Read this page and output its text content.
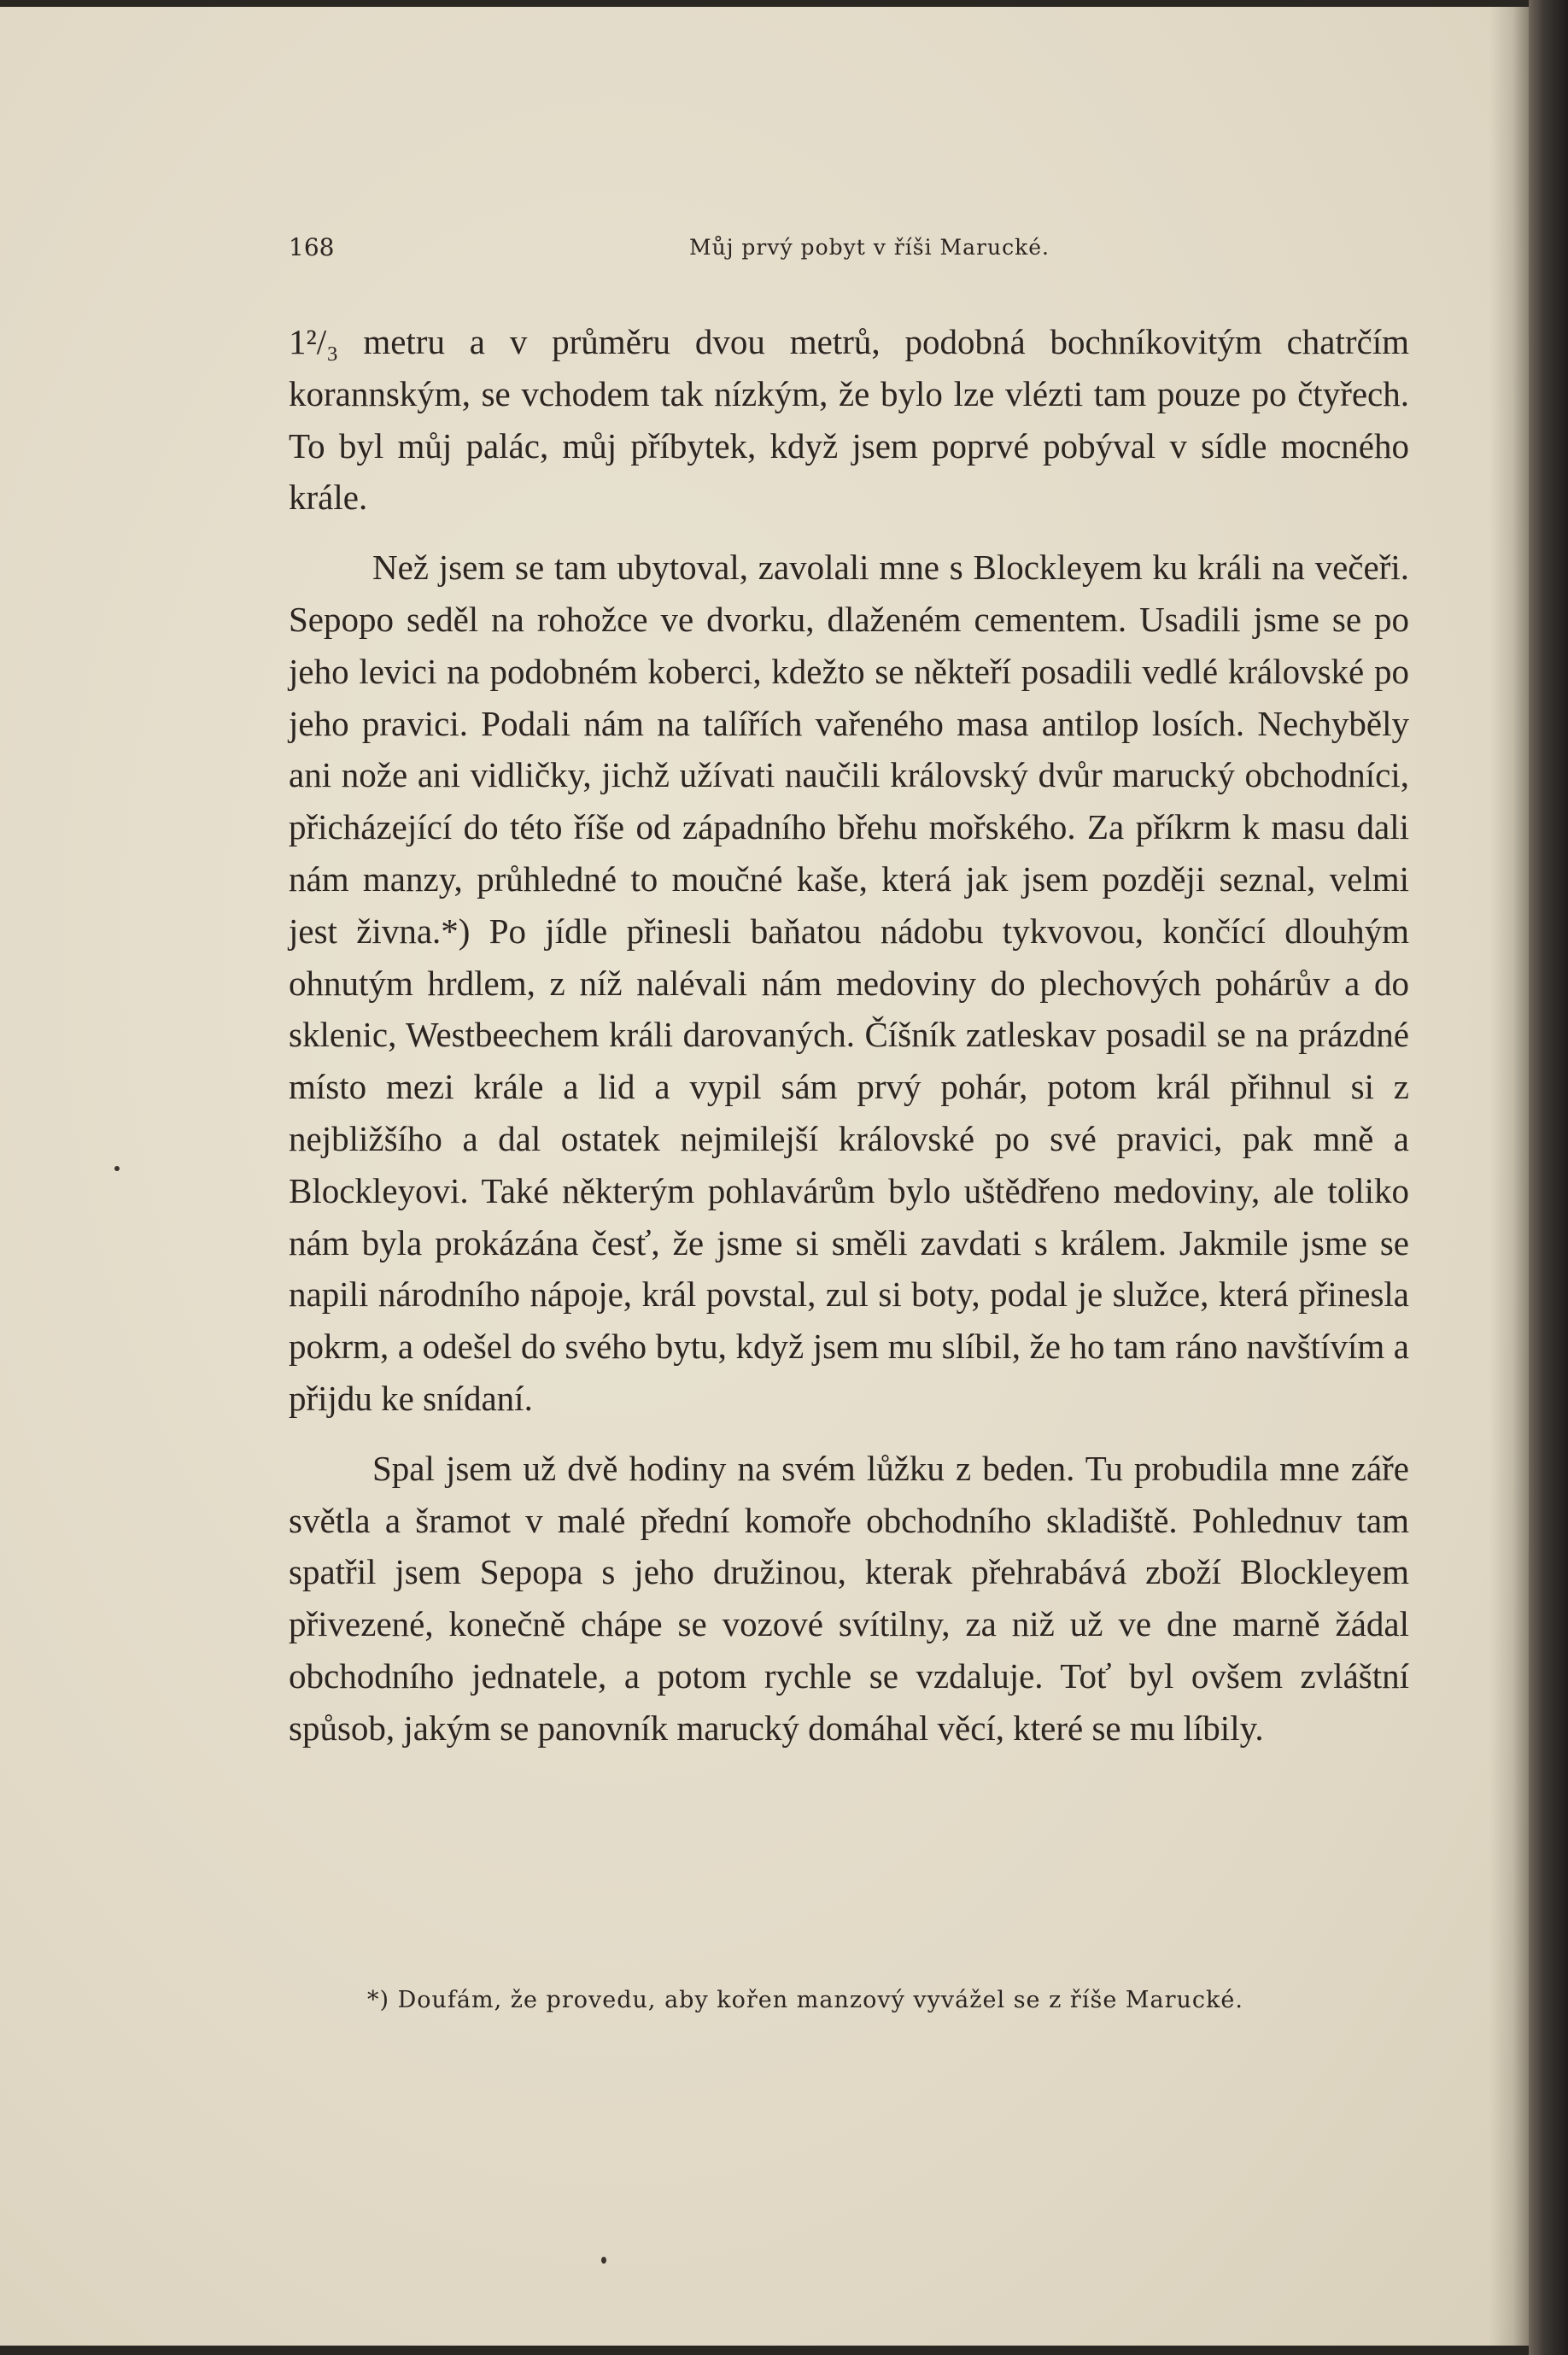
168	Můj prvý pobyt v říši Marucké.

1²/₃ metru a v průměru dvou metrů, podobná bochníkovitým chatrčím korannským, se vchodem tak nízkým, že bylo lze vlézti tam pouze po čtyřech. To byl můj palác, můj příbytek, když jsem poprvé pobýval v sídle mocného krále.

Než jsem se tam ubytoval, zavolali mne s Blockleyem ku králi na večeři. Sepopo seděl na rohožce ve dvorku, dlaženém cementem. Usadili jsme se po jeho levici na podobném koberci, kdežto se někteří posadili vedlé královské po jeho pravici. Podali nám na talířích vařeného masa antilop losích. Nechyběly ani nože ani vidličky, jichž užívati naučili královský dvůr marucký obchodníci, přicházející do této říše od západního břehu mořského. Za příkrm k masu dali nám manzy, průhledné to moučné kaše, která jak jsem později seznal, velmi jest živna.*) Po jídle přinesli baňatou nádobu tykvovou, končící dlouhým ohnutým hrdlem, z níž nalévali nám medoviny do plechových pohárův a do sklenic, Westbeechem králi darovaných. Číšník zatleskav posadil se na prázdné místo mezi krále a lid a vypil sám prvý pohár, potom král přihnul si z nejbližšího a dal ostatek nejmilejší královské po své pravici, pak mně a Blockleyovi. Také některým pohlavárům bylo uštědřeno medoviny, ale toliko nám byla prokázána česť, že jsme si směli zavdati s králem. Jakmile jsme se napili národního nápoje, král povstal, zul si boty, podal je služce, která přinesla pokrm, a odešel do svého bytu, když jsem mu slíbil, že ho tam ráno navštívím a přijdu ke snídaní.

Spal jsem už dvě hodiny na svém lůžku z beden. Tu probudila mne záře světla a šramot v malé přední komoře obchodního skladiště. Pohlednuv tam spatřil jsem Sepopa s jeho družinou, kterak přehrabává zboží Blockleyem přivezené, konečně chápe se vozové svítilny, za niž už ve dne marně žádal obchodního jednatele, a potom rychle se vzdaluje. Toť byl ovšem zvláštní spůsob, jakým se panovník marucký domáhal věcí, které se mu líbily.

*) Doufám, že provedu, aby kořen manzový vyvážel se z říše Marucké.
